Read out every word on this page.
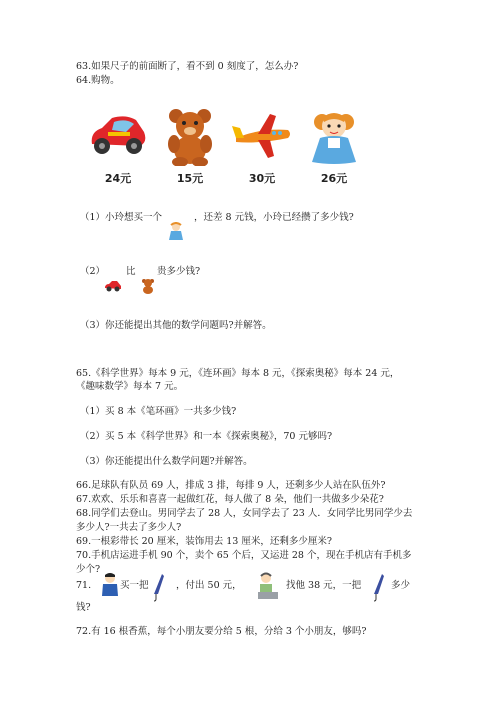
63.如果尺子的前面断了，看不到 0 刻度了，怎么办?
64.购物。
24元	15元	30元	26元
（1）小玲想买一个	，还差 8 元钱，小玲已经攒了多少钱?
（2） 比 贵多少钱?
（3）你还能提出其他的数学问题吗?并解答。
65.《科学世界》每本 9 元，《连环画》每本 8 元，《探索奥秘》每本 24 元，
《趣味数学》每本 7 元。
（1）买 8 本《笔环画》一共多少钱?
（2）买 5 本《科学世界》和一本《探索奥秘》，70 元够吗?
（3）你还能提出什么数学问题?并解答。
66.足球队有队员 69 人，排成 3 排，每排 9 人，还剩多少人站在队伍外?
67.欢欢、乐乐和喜喜一起做红花，每人做了 8 朵，他们一共做多少朵花?
68.同学们去登山。男同学去了 28 人，女同学去了 23 人．女同学比男同学少去
多少人?一共去了多少人?
69.一根彩带长 20 厘米，装饰用去 13 厘米，还剩多少厘米?
70.手机店运进手机 90 个，卖个 65 个后，又运进 28 个，现在手机店有手机多
少个?
71.	买一把	，付出 50 元，	找他 38 元，一把	多少
钱?
72.有 16 根香蕉，每个小朋友要分给 5 根，分给 3 个小朋友，够吗?
